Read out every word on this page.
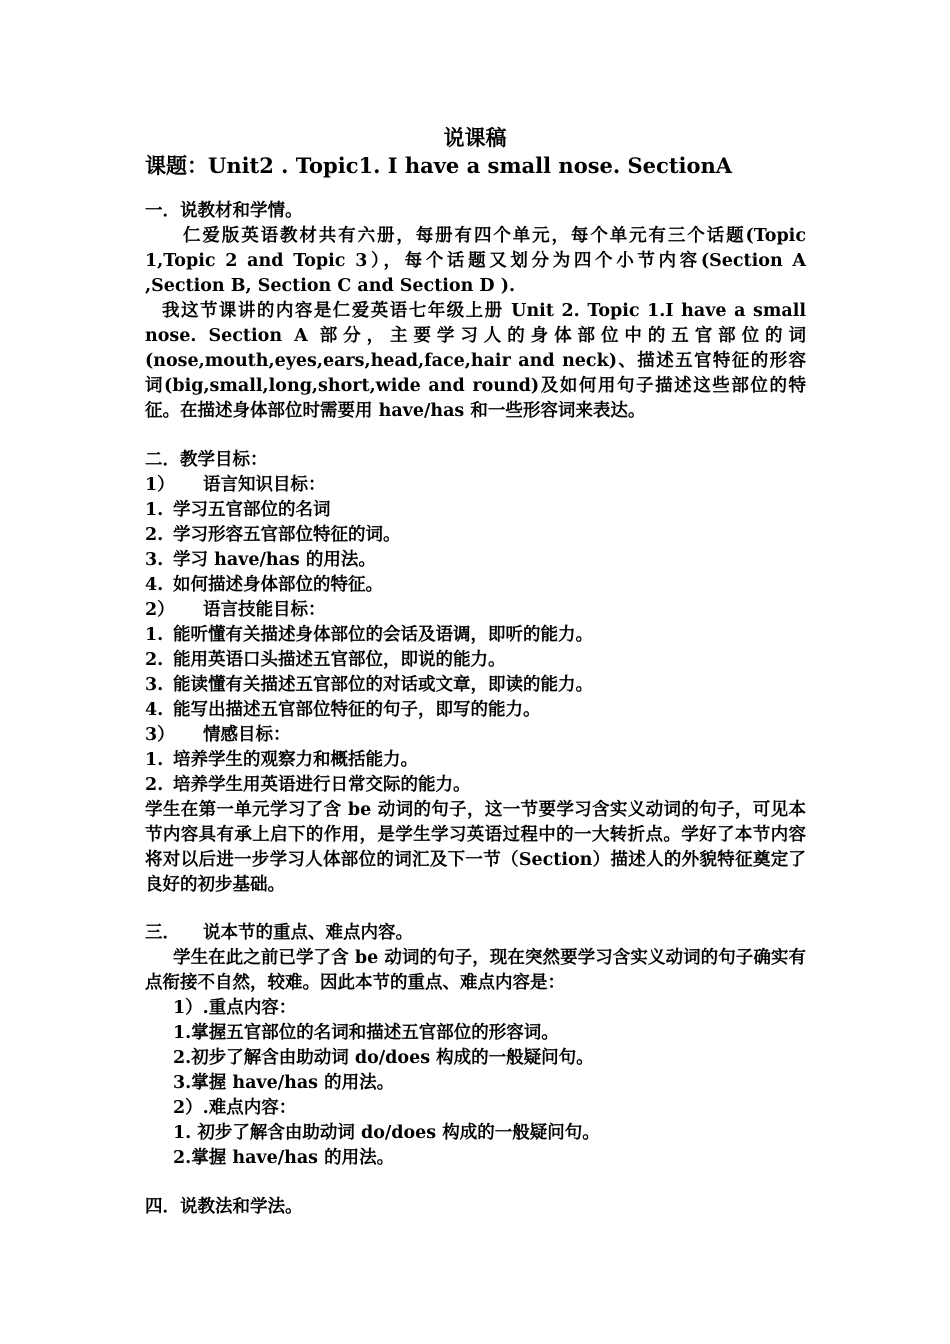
说课稿
课题：Unit2 . Topic1. I have a small nose. SectionA
一．说教材和学情。
仁爱版英语教材共有六册，每册有四个单元，每个单元有三个话题(Topic 1,Topic 2 and Topic 3），每个话题又划分为四个小节内容(Section A ,Section B, Section C and Section D ).
我这节课讲的内容是仁爱英语七年级上册 Unit 2. Topic 1.I have a small nose. Section A 部分，主要学习人的身体部位中的五官部位的词(nose,mouth,eyes,ears,head,face,hair and neck)、描述五官特征的形容词(big,small,long,short,wide and round)及如何用句子描述这些部位的特征。在描述身体部位时需要用 have/has 和一些形容词来表达。
二．教学目标：
1） 语言知识目标：
1. 学习五官部位的名词
2. 学习形容五官部位特征的词。
3. 学习 have/has 的用法。
4. 如何描述身体部位的特征。
2） 语言技能目标：
1. 能听懂有关描述身体部位的会话及语调，即听的能力。
2. 能用英语口头描述五官部位，即说的能力。
3. 能读懂有关描述五官部位的对话或文章，即读的能力。
4. 能写出描述五官部位特征的句子，即写的能力。
3） 情感目标：
1. 培养学生的观察力和概括能力。
2. 培养学生用英语进行日常交际的能力。
学生在第一单元学习了含 be 动词的句子，这一节要学习含实义动词的句子，可见本节内容具有承上启下的作用，是学生学习英语过程中的一大转折点。学好了本节内容将对以后进一步学习人体部位的词汇及下一节（Section）描述人的外貌特征奠定了良好的初步基础。
三． 说本节的重点、难点内容。
学生在此之前已学了含 be 动词的句子，现在突然要学习含实义动词的句子确实有点衔接不自然，较难。因此本节的重点、难点内容是：
1）.重点内容：
1.掌握五官部位的名词和描述五官部位的形容词。
2.初步了解含由助动词 do/does 构成的一般疑问句。
3.掌握 have/has 的用法。
2）.难点内容：
1. 初步了解含由助动词 do/does 构成的一般疑问句。
2.掌握 have/has 的用法。
四．说教法和学法。
